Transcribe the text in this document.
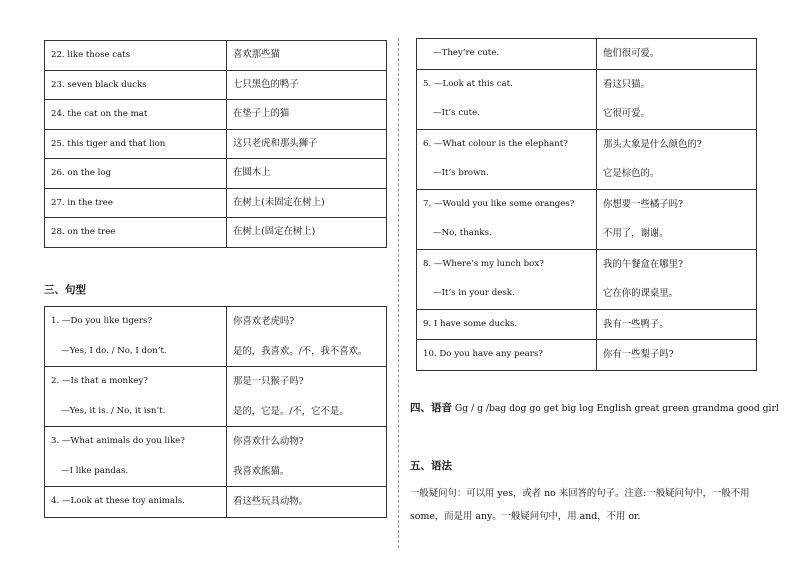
22. like those cats	喜欢那些猫

23. seven black ducks	七只黑色的鸭子

24. the cat on the mat	在垫子上的猫

25. this tiger and that lion	这只老虎和那头狮子

26. on the log	在圆木上

27. in the tree	在树上(未固定在树上)

28. on the tree	在树上(固定在树上)
三、句型
1. —Do you like tigers?
—Yes, I do. / No, I don’t.	你喜欢老虎吗?
是的，我喜欢。/不，我不喜欢。

2. —Is that a monkey?
—Yes, it is. / No, it isn’t.	那是一只猴子吗?
是的，它是。/不，它不是。

3. —What animals do you like?
—I like pandas.	你喜欢什么动物?
我喜欢熊猫。

4. —Look at these toy animals.	看这些玩具动物。
—They’re cute.	他们很可爱。

5. —Look at this cat.
—It’s cute.	看这只猫。
它很可爱。

6. —What colour is the elephant?
—It’s brown.	那头大象是什么颜色的?
它是棕色的。

7. —Would you like some oranges?
—No, thanks.	你想要一些橘子吗?
不用了，谢谢。

8. —Where’s my lunch box?
—It’s in your desk.	我的午餐盒在哪里?
它在你的课桌里。

9. I have some ducks.	我有一些鸭子。

10. Do you have any pears?	你有一些梨子吗?
四、语音 Gg / g /bag dog go get big log English great green grandma good girl
五、语法
一般疑问句：可以用 yes，或者 no 来回答的句子。注意:一般疑问句中，一般不用 some，而是用 any。一般疑问句中，用 and，不用 or.
